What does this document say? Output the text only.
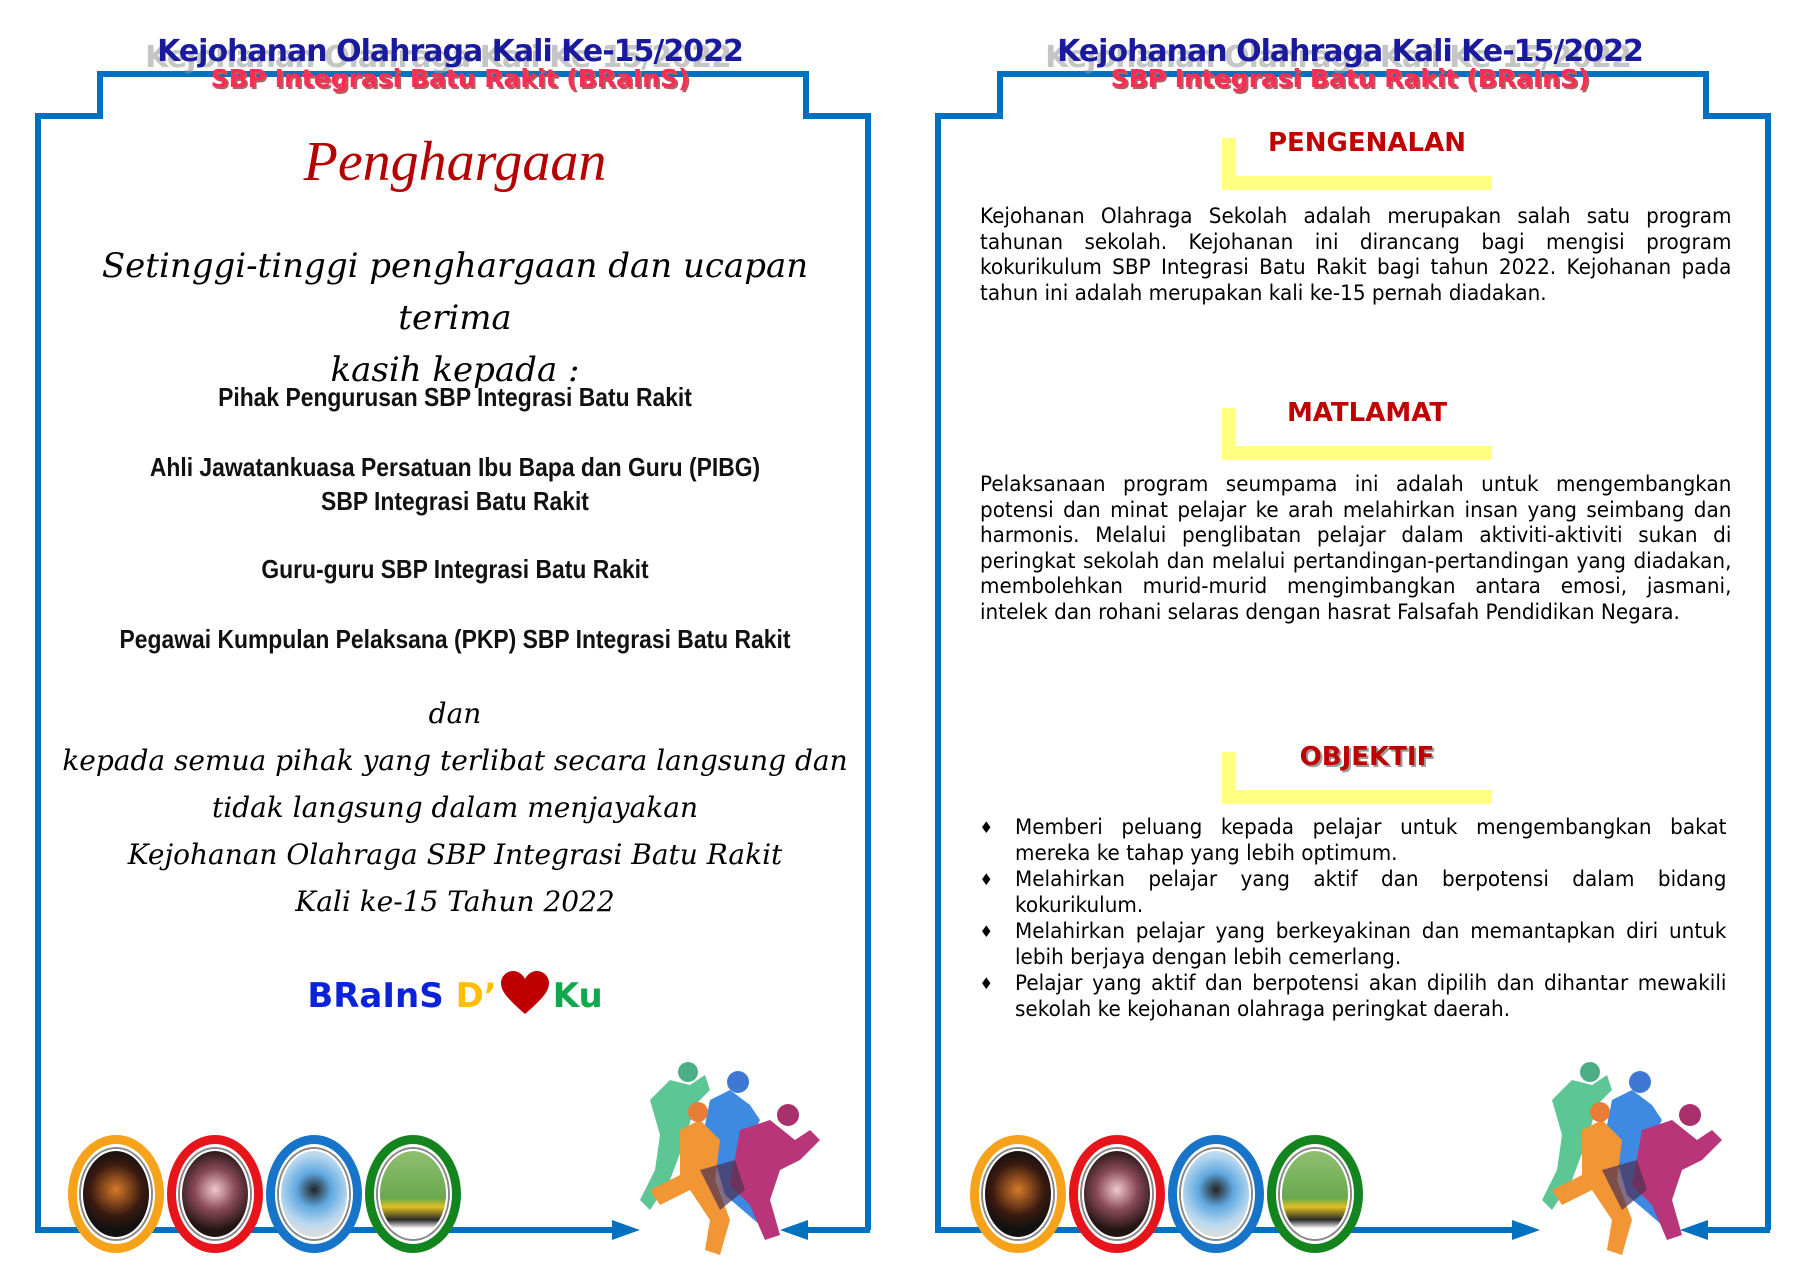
Kejohanan Olahraga Kali Ke-15/2022
SBP Integrasi Batu Rakit (BRaInS)
Penghargaan
Setinggi-tinggi penghargaan dan ucapan terima
kasih kepada :
Pihak Pengurusan SBP Integrasi Batu Rakit
Ahli Jawatankuasa Persatuan Ibu Bapa dan Guru (PIBG)
SBP Integrasi Batu Rakit
Guru-guru SBP Integrasi Batu Rakit
Pegawai Kumpulan Pelaksana (PKP) SBP Integrasi Batu Rakit
dan
kepada semua pihak yang terlibat secara langsung dan
tidak langsung dalam menjayakan
Kejohanan Olahraga SBP Integrasi Batu Rakit
Kali ke-15 Tahun 2022
BRaInS D’ Ku
Kejohanan Olahraga Kali Ke-15/2022
SBP Integrasi Batu Rakit (BRaInS)
PENGENALAN
Kejohanan Olahraga Sekolah adalah merupakan salah satu program tahunan sekolah. Kejohanan ini dirancang bagi mengisi program kokurikulum SBP Integrasi Batu Rakit bagi tahun 2022. Kejohanan pada tahun ini adalah merupakan kali ke-15 pernah diadakan.
MATLAMAT
Pelaksanaan program seumpama ini adalah untuk mengembangkan potensi dan minat pelajar ke arah melahirkan insan yang seimbang dan harmonis. Melalui penglibatan pelajar dalam aktiviti-aktiviti sukan di peringkat sekolah dan melalui pertandingan-pertandingan yang diadakan, membolehkan murid-murid mengimbangkan antara emosi, jasmani, intelek dan rohani selaras dengan hasrat Falsafah Pendidikan Negara.
OBJEKTIF
♦ Memberi peluang kepada pelajar untuk mengembangkan bakat mereka ke tahap yang lebih optimum.
♦ Melahirkan pelajar yang aktif dan berpotensi dalam bidang kokurikulum.
♦ Melahirkan pelajar yang berkeyakinan dan memantapkan diri untuk lebih berjaya dengan lebih cemerlang.
♦ Pelajar yang aktif dan berpotensi akan dipilih dan dihantar mewakili sekolah ke kejohanan olahraga peringkat daerah.
